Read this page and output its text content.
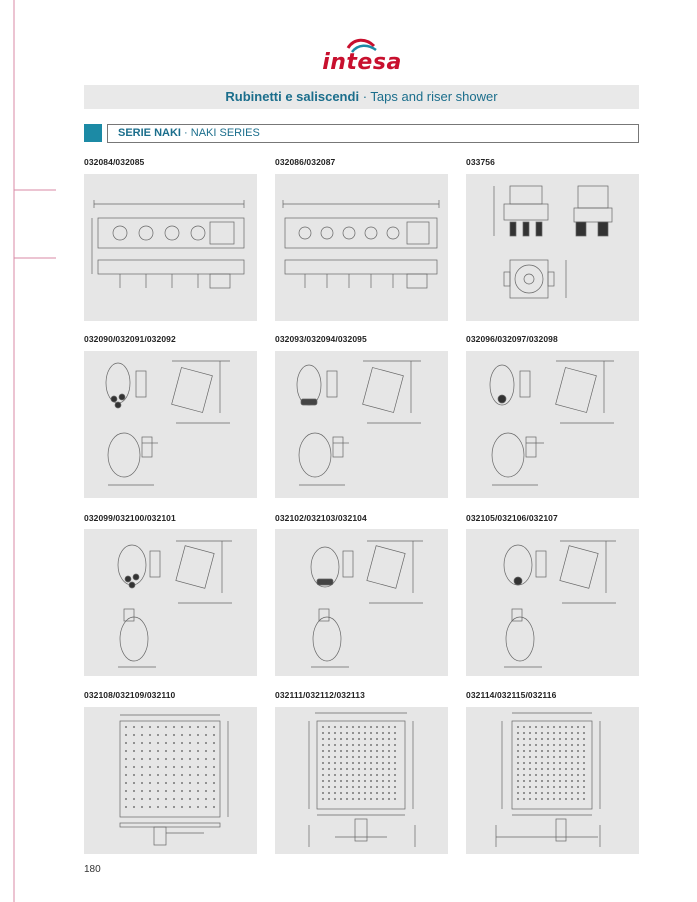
intesa
Rubinetti e saliscendi · Taps and riser shower
SERIE NAKI · NAKI SERIES
032084/032085	032086/032087	033756
032090/032091/032092	032093/032094/032095	032096/032097/032098
032099/032100/032101	032102/032103/032104	032105/032106/032107
032108/032109/032110	032111/032112/032113	032114/032115/032116
180
